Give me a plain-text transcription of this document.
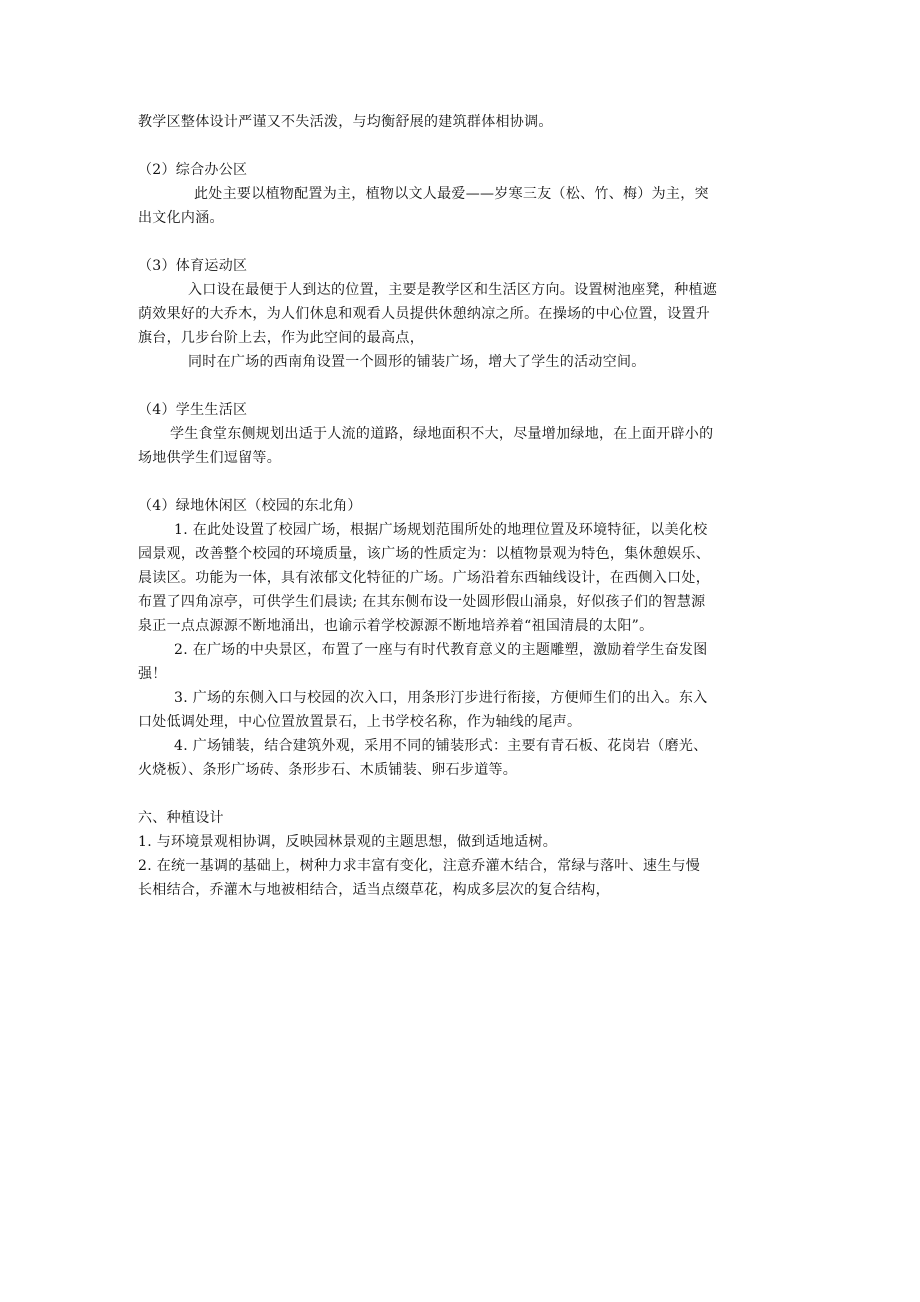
教学区整体设计严谨又不失活泼，与均衡舒展的建筑群体相协调。
（2）综合办公区
此处主要以植物配置为主，植物以文人最爱——岁寒三友（松、竹、梅）为主，突
出文化内涵。
（3）体育运动区
入口设在最便于人到达的位置，主要是教学区和生活区方向。设置树池座凳，种植遮
荫效果好的大乔木，为人们休息和观看人员提供休憩纳凉之所。在操场的中心位置，设置升
旗台，几步台阶上去，作为此空间的最高点，
同时在广场的西南角设置一个圆形的铺装广场，增大了学生的活动空间。
（4）学生生活区
学生食堂东侧规划出适于人流的道路，绿地面积不大，尽量增加绿地，在上面开辟小的
场地供学生们逗留等。
（4）绿地休闲区（校园的东北角）
1. 在此处设置了校园广场，根据广场规划范围所处的地理位置及环境特征，以美化校
园景观，改善整个校园的环境质量，该广场的性质定为：以植物景观为特色，集休憩娱乐、
晨读区。功能为一体，具有浓郁文化特征的广场。广场沿着东西轴线设计，在西侧入口处，
布置了四角凉亭，可供学生们晨读; 在其东侧布设一处圆形假山涌泉，好似孩子们的智慧源
泉正一点点源源不断地涌出，也谕示着学校源源不断地培养着“祖国清晨的太阳”。
2. 在广场的中央景区，布置了一座与有时代教育意义的主题雕塑，激励着学生奋发图
强！
3. 广场的东侧入口与校园的次入口，用条形汀步进行衔接，方便师生们的出入。东入
口处低调处理，中心位置放置景石，上书学校名称，作为轴线的尾声。
4. 广场铺装，结合建筑外观，采用不同的铺装形式：主要有青石板、花岗岩（磨光、
火烧板）、条形广场砖、条形步石、木质铺装、卵石步道等。
六、种植设计
1. 与环境景观相协调，反映园林景观的主题思想，做到适地适树。
2. 在统一基调的基础上，树种力求丰富有变化，注意乔灌木结合，常绿与落叶、速生与慢
长相结合，乔灌木与地被相结合，适当点缀草花，构成多层次的复合结构，
